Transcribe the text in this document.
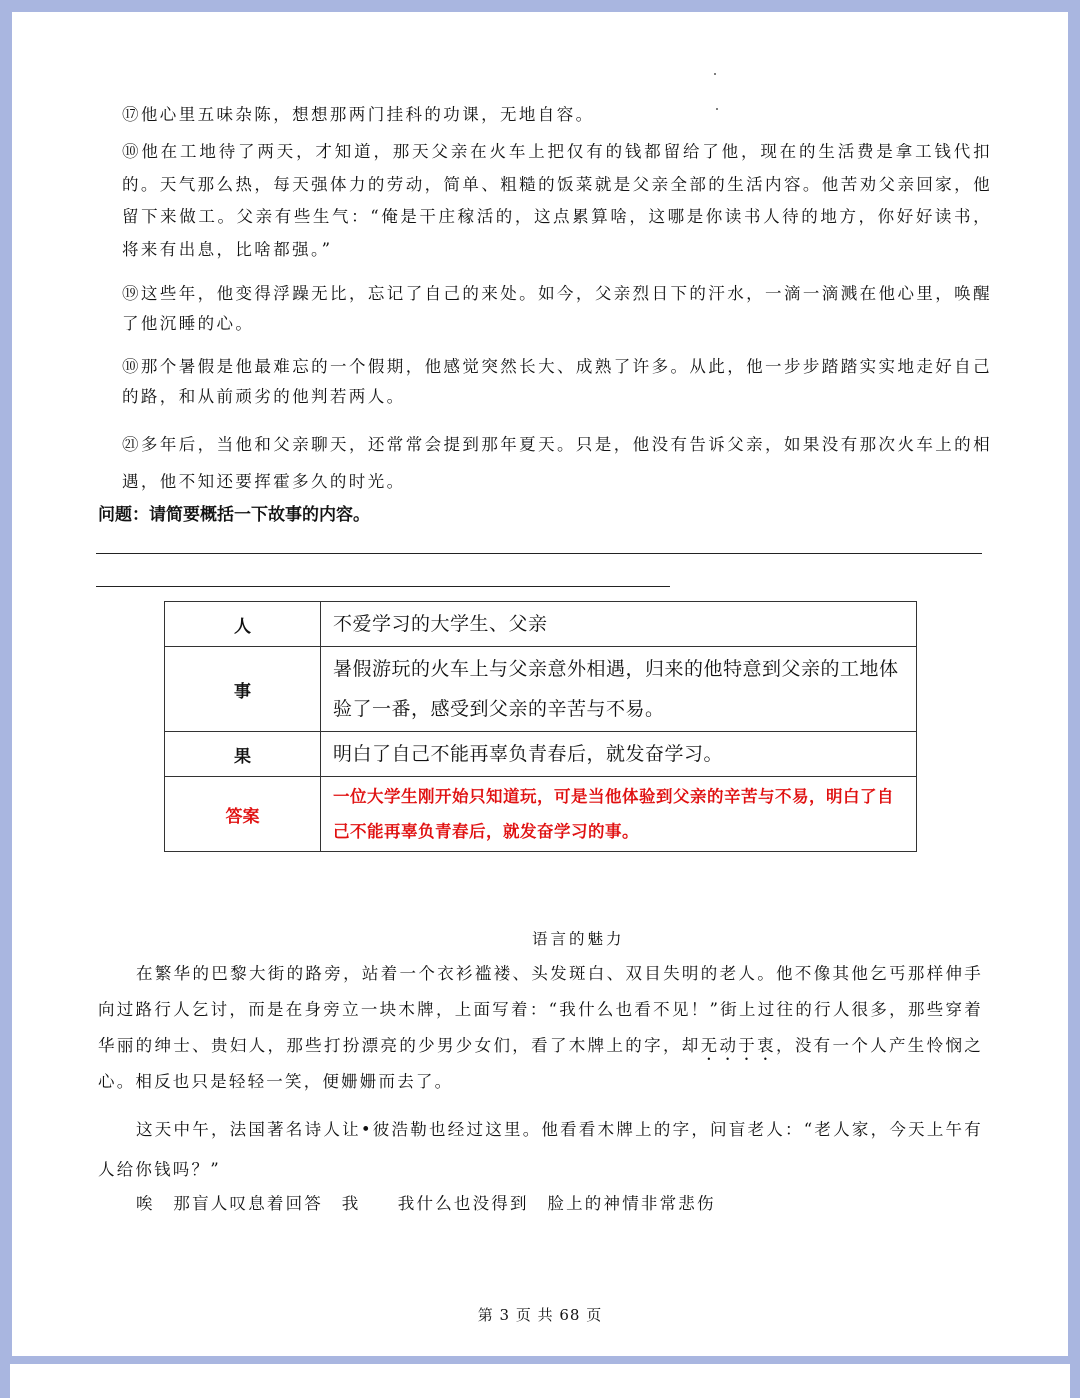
⑰他心里五味杂陈，想想那两门挂科的功课，无地自容。

⑩他在工地待了两天，才知道，那天父亲在火车上把仅有的钱都留给了他，现在的生活费是拿工钱代扣的。天气那么热，每天强体力的劳动，简单、粗糙的饭菜就是父亲全部的生活内容。他苦劝父亲回家，他留下来做工。父亲有些生气：“俺是干庄稼活的，这点累算啥，这哪是你读书人待的地方，你好好读书，将来有出息，比啥都强。”

⑲这些年，他变得浮躁无比，忘记了自己的来处。如今，父亲烈日下的汗水，一滴一滴溅在他心里，唤醒了他沉睡的心。

⑩那个暑假是他最难忘的一个假期，他感觉突然长大、成熟了许多。从此，他一步步踏踏实实地走好自己的路，和从前顽劣的他判若两人。

㉑多年后，当他和父亲聊天，还常常会提到那年夏天。只是，他没有告诉父亲，如果没有那次火车上的相遇，他不知还要挥霍多久的时光。

问题：请简要概括一下故事的内容。
人	不爱学习的大学生、父亲
事	暑假游玩的火车上与父亲意外相遇，归来的他特意到父亲的工地体验了一番，感受到父亲的辛苦与不易。
果	明白了自己不能再辜负青春后，就发奋学习。
答案	一位大学生刚开始只知道玩，可是当他体验到父亲的辛苦与不易，明白了自己不能再辜负青春后，就发奋学习的事。
语言的魅力

在繁华的巴黎大街的路旁，站着一个衣衫褴褛、头发斑白、双目失明的老人。他不像其他乞丐那样伸手向过路行人乞讨，而是在身旁立一块木牌，上面写着：“我什么也看不见！”街上过往的行人很多，那些穿着华丽的绅士、贵妇人，那些打扮漂亮的少男少女们，看了木牌上的字，却无动于衷，没有一个人产生怜悯之心。相反也只是轻轻一笑，便姗姗而去了。

这天中午，法国著名诗人让•彼浩勒也经过这里。他看看木牌上的字，问盲老人：“老人家，今天上午有人给你钱吗？”

唉　那盲人叹息着回答　我　　我什么也没得到　脸上的神情非常悲伤

第 3 页 共 68 页
